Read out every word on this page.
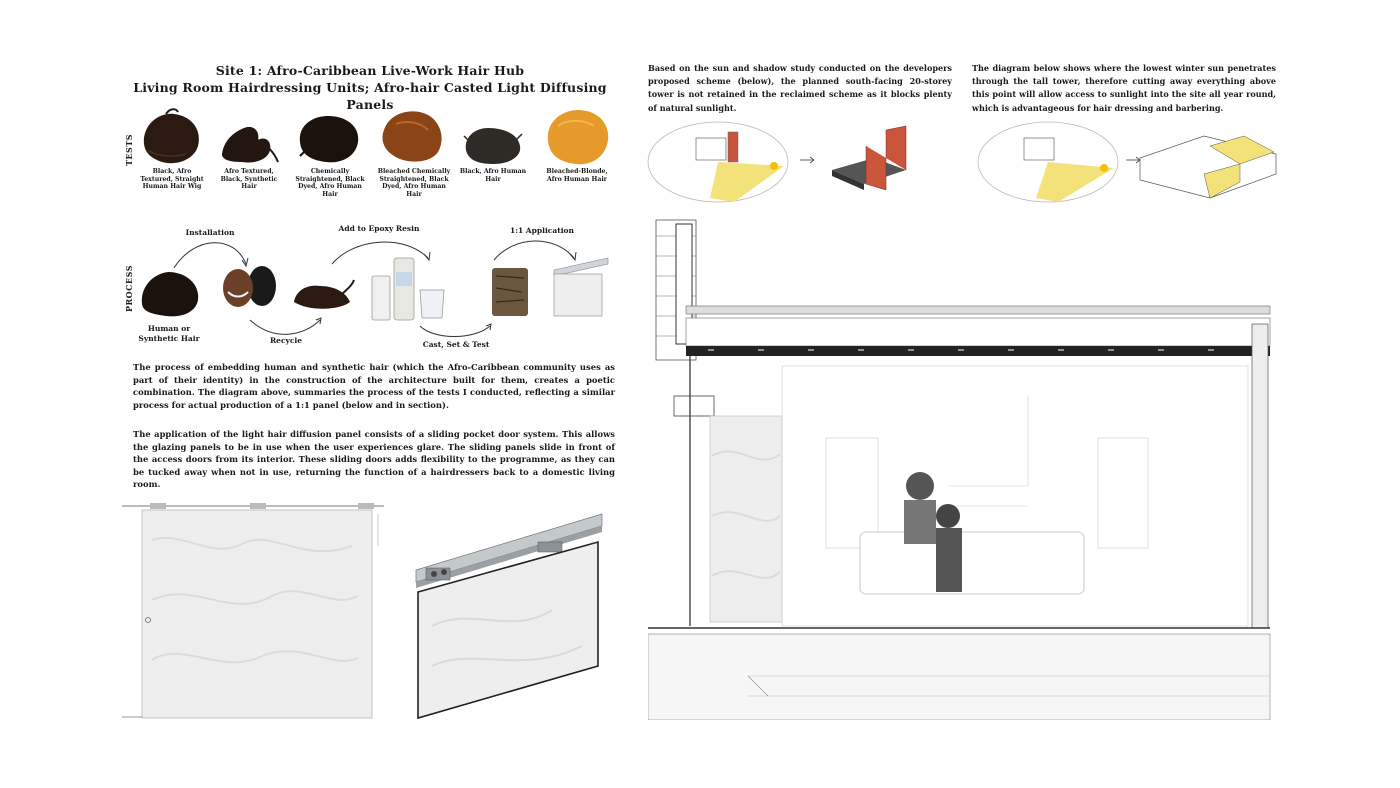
Site 1: Afro-Caribbean Live-Work Hair Hub
Living Room Hairdressing Units; Afro-hair Casted Light Diffusing Panels
TESTS
Black, Afro Textured, Straight Human Hair Wig
Afro Textured, Black, Synthetic Hair
Chemically Straightened, Black Dyed, Afro Human Hair
Bleached Chemically Straightened, Black Dyed, Afro Human Hair
Black, Afro Human Hair
Bleached-Blonde, Afro Human Hair
PROCESS
Installation	Add to Epoxy Resin	1:1 Application
Human or Synthetic Hair	Recycle	Cast, Set & Test
The process of embedding human and synthetic hair (which the Afro-Caribbean community uses as part of their identity) in the construction of the architecture built for them, creates a poetic combination. The diagram above, summaries the process of the tests I conducted, reflecting a similar process for actual production of a 1:1 panel (below and in section).
The application of the light hair diffusion panel consists of a sliding pocket door system. This allows the glazing panels to be in use when the user experiences glare. The sliding panels slide in front of the access doors from its interior. These sliding doors adds flexibility to the programme, as they can be tucked away when not in use, returning the function of a hairdressers back to a domestic living room.
Based on the sun and shadow study conducted on the developers proposed scheme (below), the planned south-facing 20-storey tower is not retained in the reclaimed scheme as it blocks plenty of natural sunlight.
The diagram below shows where the lowest winter sun penetrates through the tall tower, therefore cutting away everything above this point will allow access to sunlight into the site all year round, which is advantageous for hair dressing and barbering.
